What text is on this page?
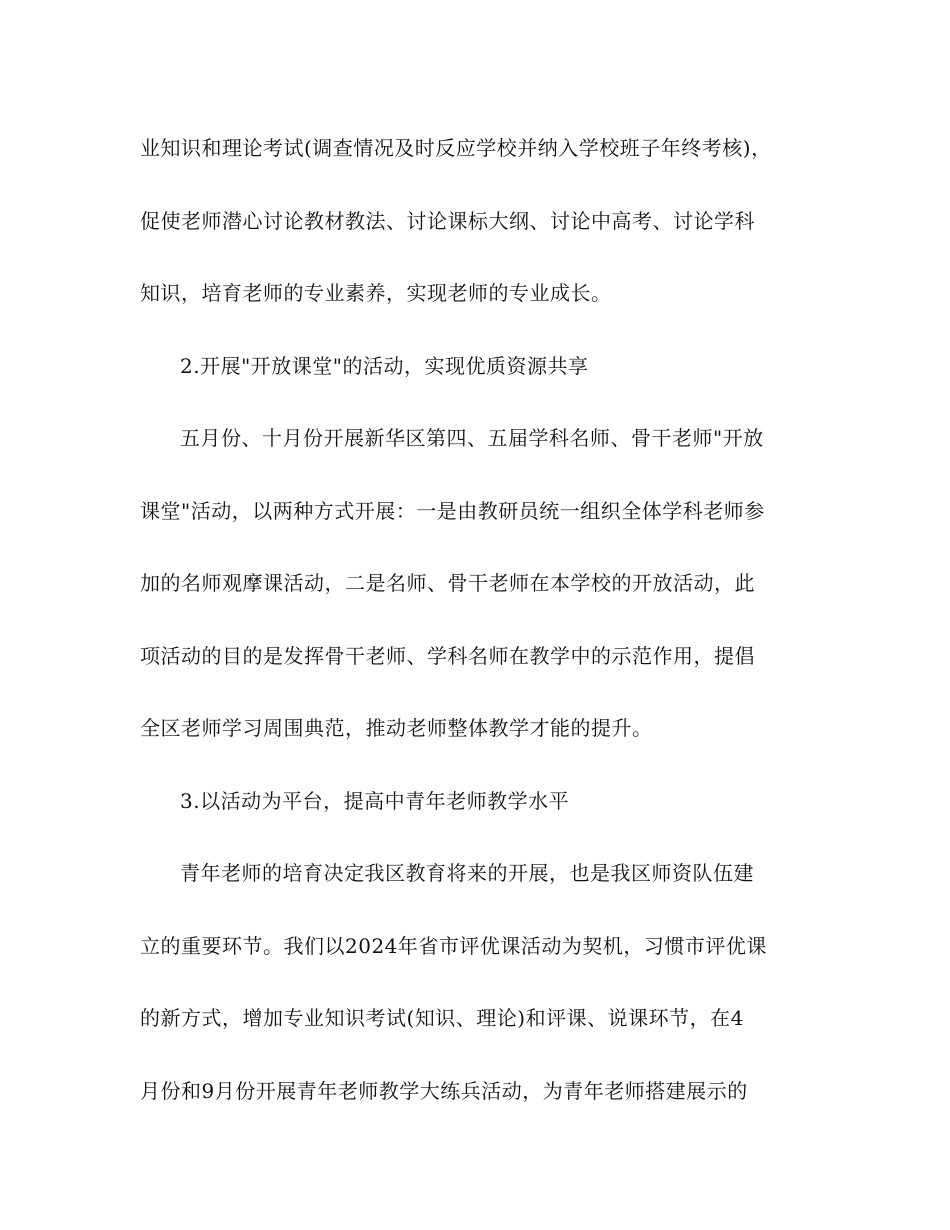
业知识和理论考试(调查情况及时反应学校并纳入学校班子年终考核)，
促使老师潜心讨论教材教法、讨论课标大纲、讨论中高考、讨论学科
知识，培育老师的专业素养，实现老师的专业成长。
2.开展"开放课堂"的活动，实现优质资源共享
五月份、十月份开展新华区第四、五届学科名师、骨干老师"开放
课堂"活动，以两种方式开展：一是由教研员统一组织全体学科老师参
加的名师观摩课活动，二是名师、骨干老师在本学校的开放活动，此
项活动的目的是发挥骨干老师、学科名师在教学中的示范作用，提倡
全区老师学习周围典范，推动老师整体教学才能的提升。
3.以活动为平台，提高中青年老师教学水平
青年老师的培育决定我区教育将来的开展，也是我区师资队伍建
立的重要环节。我们以2024年省市评优课活动为契机，习惯市评优课
的新方式，增加专业知识考试(知识、理论)和评课、说课环节，在4
月份和9月份开展青年老师教学大练兵活动，为青年老师搭建展示的
